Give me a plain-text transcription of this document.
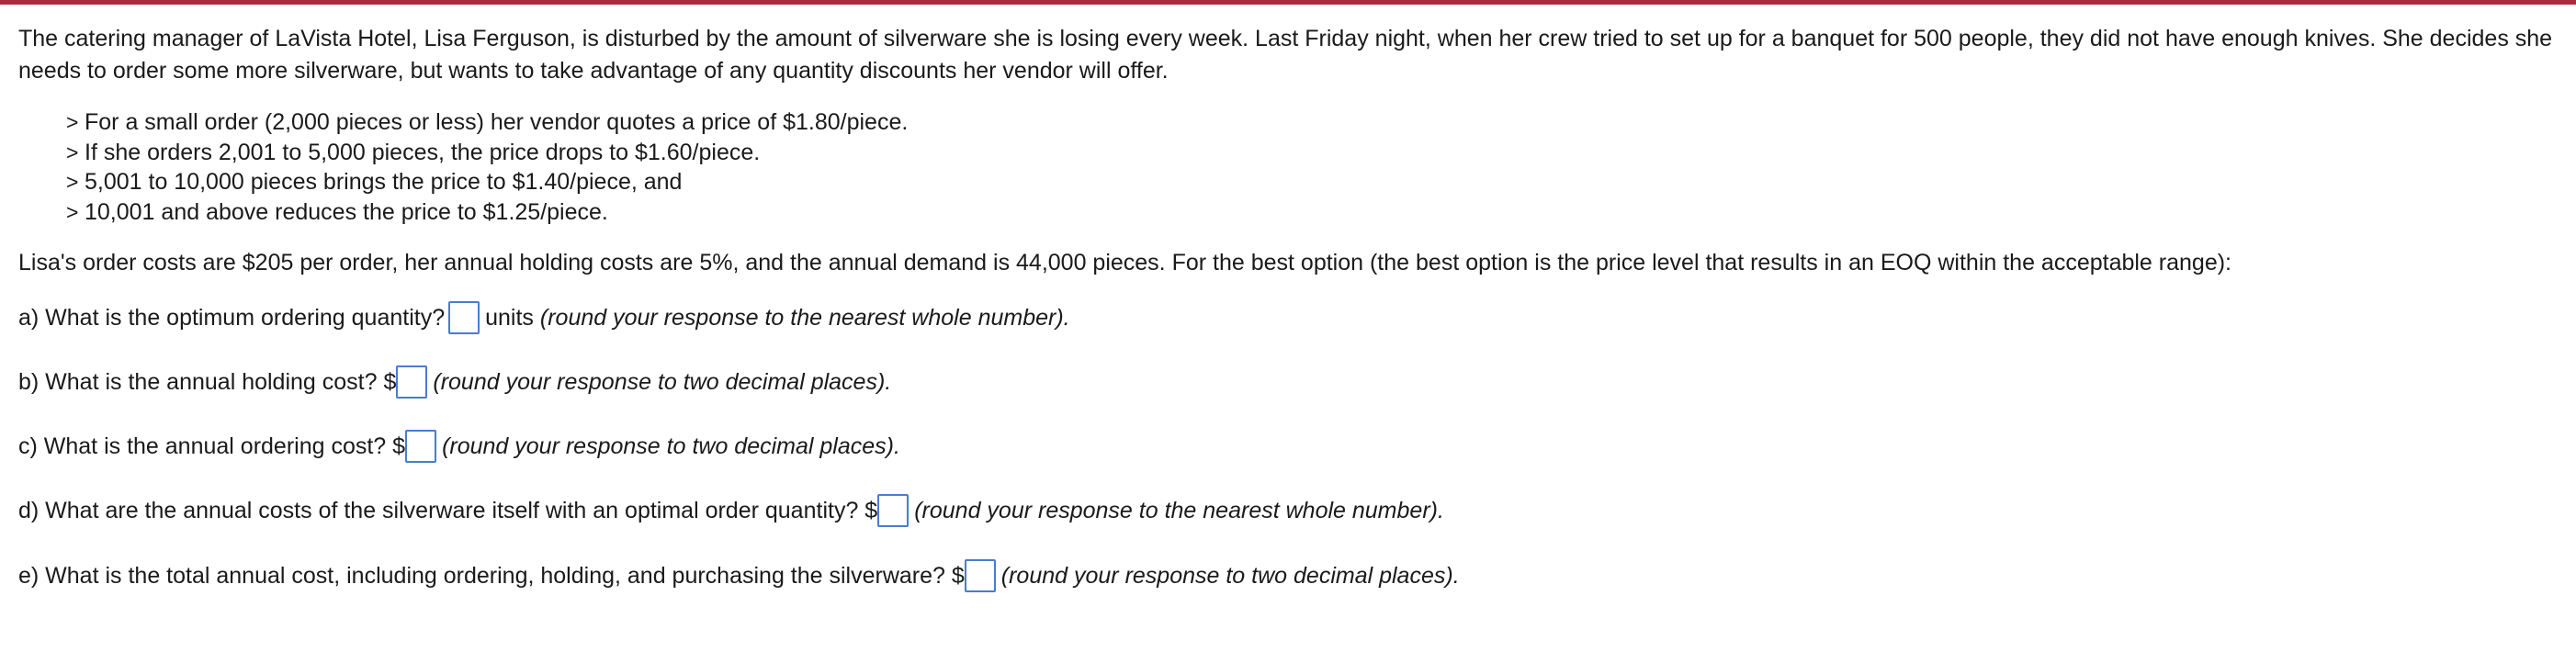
The catering manager of LaVista Hotel, Lisa Ferguson, is disturbed by the amount of silverware she is losing every week. Last Friday night, when her crew tried to set up for a banquet for 500 people, they did not have enough knives. She decides she needs to order some more silverware, but wants to take advantage of any quantity discounts her vendor will offer.

> For a small order (2,000 pieces or less) her vendor quotes a price of $1.80/piece.
> If she orders 2,001 to 5,000 pieces, the price drops to $1.60/piece.
> 5,001 to 10,000 pieces brings the price to $1.40/piece, and
> 10,001 and above reduces the price to $1.25/piece.

Lisa's order costs are $205 per order, her annual holding costs are 5%, and the annual demand is 44,000 pieces. For the best option (the best option is the price level that results in an EOQ within the acceptable range):

a) What is the optimum ordering quantity? units
(round your response to the nearest whole number).
b) What is the annual holding cost? $ (round your response to two decimal places).
c) What is the annual ordering cost? $ (round your response to two decimal places).
d) What are the annual costs of the silverware itself with an optimal order quantity? $ (round your response to the nearest whole number).
e) What is the total annual cost, including ordering, holding, and purchasing the silverware? $ (round your response to two decimal places).
